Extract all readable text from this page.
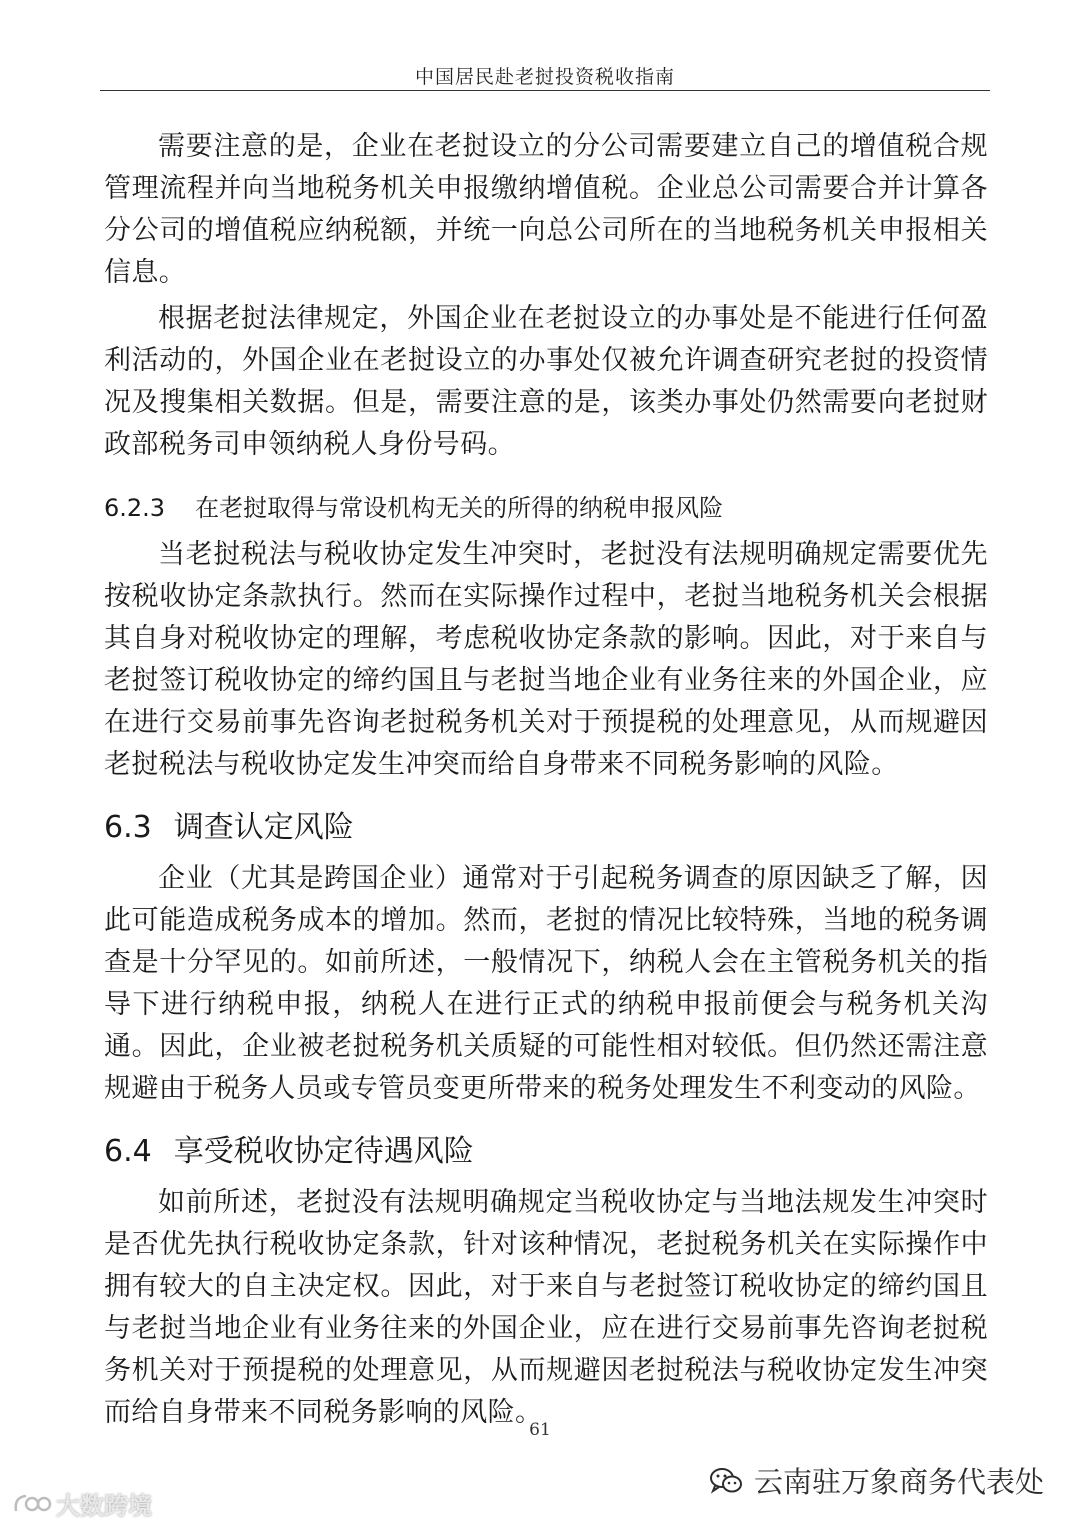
中国居民赴老挝投资税收指南

需要注意的是，企业在老挝设立的分公司需要建立自己的增值税合规管理流程并向当地税务机关申报缴纳增值税。企业总公司需要合并计算各分公司的增值税应纳税额，并统一向总公司所在的当地税务机关申报相关信息。

根据老挝法律规定，外国企业在老挝设立的办事处是不能进行任何盈利活动的，外国企业在老挝设立的办事处仅被允许调查研究老挝的投资情况及搜集相关数据。但是，需要注意的是，该类办事处仍然需要向老挝财政部税务司申领纳税人身份号码。

6.2.3 在老挝取得与常设机构无关的所得的纳税申报风险

当老挝税法与税收协定发生冲突时，老挝没有法规明确规定需要优先按税收协定条款执行。然而在实际操作过程中，老挝当地税务机关会根据其自身对税收协定的理解，考虑税收协定条款的影响。因此，对于来自与老挝签订税收协定的缔约国且与老挝当地企业有业务往来的外国企业，应在进行交易前事先咨询老挝税务机关对于预提税的处理意见，从而规避因老挝税法与税收协定发生冲突而给自身带来不同税务影响的风险。

6.3 调查认定风险

企业（尤其是跨国企业）通常对于引起税务调查的原因缺乏了解，因此可能造成税务成本的增加。然而，老挝的情况比较特殊，当地的税务调查是十分罕见的。如前所述，一般情况下，纳税人会在主管税务机关的指导下进行纳税申报，纳税人在进行正式的纳税申报前便会与税务机关沟通。因此，企业被老挝税务机关质疑的可能性相对较低。但仍然还需注意规避由于税务人员或专管员变更所带来的税务处理发生不利变动的风险。

6.4 享受税收协定待遇风险

如前所述，老挝没有法规明确规定当税收协定与当地法规发生冲突时是否优先执行税收协定条款，针对该种情况，老挝税务机关在实际操作中拥有较大的自主决定权。因此，对于来自与老挝签订税收协定的缔约国且与老挝当地企业有业务往来的外国企业，应在进行交易前事先咨询老挝税务机关对于预提税的处理意见，从而规避因老挝税法与税收协定发生冲突而给自身带来不同税务影响的风险。

61
大数跨境
云南驻万象商务代表处
